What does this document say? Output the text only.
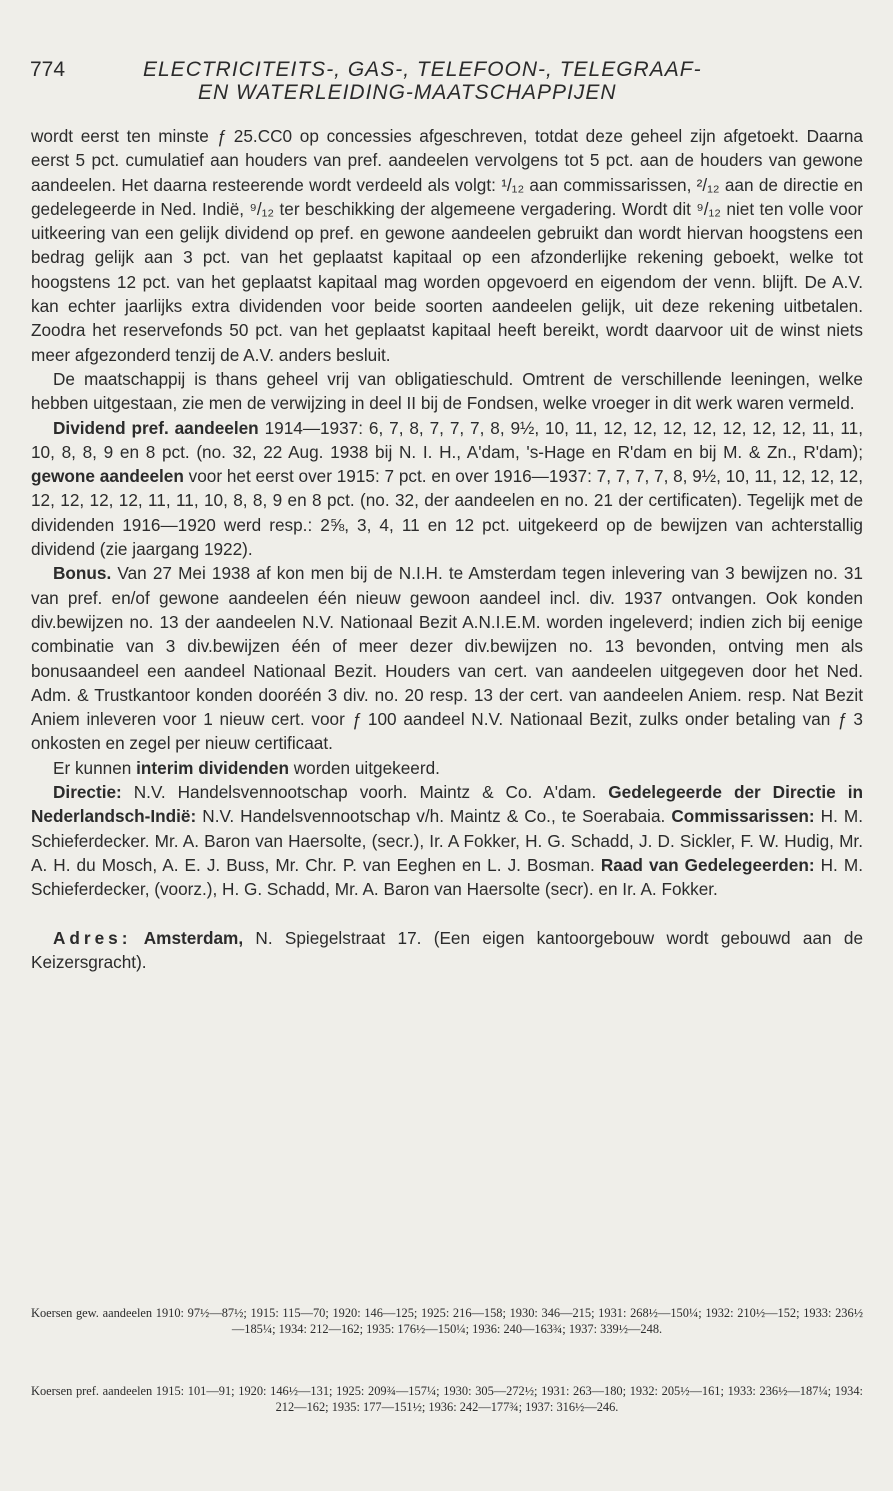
774	ELECTRICITEITS-, GAS-, TELEFOON-, TELEGRAAF-
EN WATERLEIDING-MAATSCHAPPIJEN

wordt eerst ten minste ƒ 25.CC0 op concessies afgeschreven, totdat deze geheel zijn afgetoekt. Daarna eerst 5 pct. cumulatief aan houders van pref. aandeelen vervolgens tot 5 pct. aan de houders van gewone aandeelen. Het daarna resteerende wordt verdeeld als volgt: ¹/₁₂ aan commissarissen, ²/₁₂ aan de directie en gedelegeerde in Ned. Indië, ⁹/₁₂ ter beschikking der algemeene vergadering. Wordt dit ⁹/₁₂ niet ten volle voor uitkeering van een gelijk dividend op pref. en gewone aandeelen gebruikt dan wordt hiervan hoogstens een bedrag gelijk aan 3 pct. van het geplaatst kapitaal op een afzonderlijke rekening geboekt, welke tot hoogstens 12 pct. van het geplaatst kapitaal mag worden opgevoerd en eigendom der venn. blijft. De A.V. kan echter jaarlijks extra dividenden voor beide soorten aandeelen gelijk, uit deze rekening uitbetalen. Zoodra het reservefonds 50 pct. van het geplaatst kapitaal heeft bereikt, wordt daarvoor uit de winst niets meer afgezonderd tenzij de A.V. anders besluit.

De maatschappij is thans geheel vrij van obligatieschuld. Omtrent de verschillende leeningen, welke hebben uitgestaan, zie men de verwijzing in deel II bij de Fondsen, welke vroeger in dit werk waren vermeld.

Dividend pref. aandeelen 1914—1937: 6, 7, 8, 7, 7, 7, 8, 9½, 10, 11, 12, 12, 12, 12, 12, 12, 12, 11, 11, 10, 8, 8, 9 en 8 pct. (no. 32, 22 Aug. 1938 bij N. I. H., A'dam, 's-Hage en R'dam en bij M. & Zn., R'dam); gewone aandeelen voor het eerst over 1915: 7 pct. en over 1916—1937: 7, 7, 7, 7, 8, 9½, 10, 11, 12, 12, 12, 12, 12, 12, 12, 11, 11, 10, 8, 8, 9 en 8 pct. (no. 32, der aandeelen en no. 21 der certificaten). Tegelijk met de dividenden 1916—1920 werd resp.: 2⅝, 3, 4, 11 en 12 pct. uitgekeerd op de bewijzen van achterstallig dividend (zie jaargang 1922).

Bonus. Van 27 Mei 1938 af kon men bij de N.I.H. te Amsterdam tegen inlevering van 3 bewijzen no. 31 van pref. en/of gewone aandeelen één nieuw gewoon aandeel incl. div. 1937 ontvangen. Ook konden div.bewijzen no. 13 der aandeelen N.V. Nationaal Bezit A.N.I.E.M. worden ingeleverd; indien zich bij eenige combinatie van 3 div.bewijzen één of meer dezer div.bewijzen no. 13 bevonden, ontving men als bonusaandeel een aandeel Nationaal Bezit. Houders van cert. van aandeelen uitgegeven door het Ned. Adm. & Trustkantoor konden dooréén 3 div. no. 20 resp. 13 der cert. van aandeelen Aniem. resp. Nat Bezit Aniem inleveren voor 1 nieuw cert. voor ƒ 100 aandeel N.V. Nationaal Bezit, zulks onder betaling van ƒ 3 onkosten en zegel per nieuw certificaat.

Er kunnen interim dividenden worden uitgekeerd.

Directie: N.V. Handelsvennootschap voorh. Maintz & Co. A'dam. Gedelegeerde der Directie in Nederlandsch-Indië: N.V. Handelsvennootschap v/h. Maintz & Co., te Soerabaia. Commissarissen: H. M. Schieferdecker. Mr. A. Baron van Haersolte, (secr.), Ir. A Fokker, H. G. Schadd, J. D. Sickler, F. W. Hudig, Mr. A. H. du Mosch, A. E. J. Buss, Mr. Chr. P. van Eeghen en L. J. Bosman. Raad van Gedelegeerden: H. M. Schieferdecker, (voorz.), H. G. Schadd, Mr. A. Baron van Haersolte (secr). en Ir. A. Fokker.

Adres: Amsterdam, N. Spiegelstraat 17. (Een eigen kantoorgebouw wordt gebouwd aan de Keizersgracht).

Koersen gew. aandeelen 1910: 97½—87½; 1915: 115—70; 1920: 146—125; 1925: 216—158; 1930: 346—215; 1931: 268½—150¼; 1932: 210½—152; 1933: 236½—185¼; 1934: 212—162; 1935: 176½—150¼; 1936: 240—163¾; 1937: 339½—248.
Koersen pref. aandeelen 1915: 101—91; 1920: 146½—131; 1925: 209¾—157¼; 1930: 305—272½; 1931: 263—180; 1932: 205½—161; 1933: 236½—187¼; 1934: 212—162; 1935: 177—151½; 1936: 242—177¾; 1937: 316½—246.
